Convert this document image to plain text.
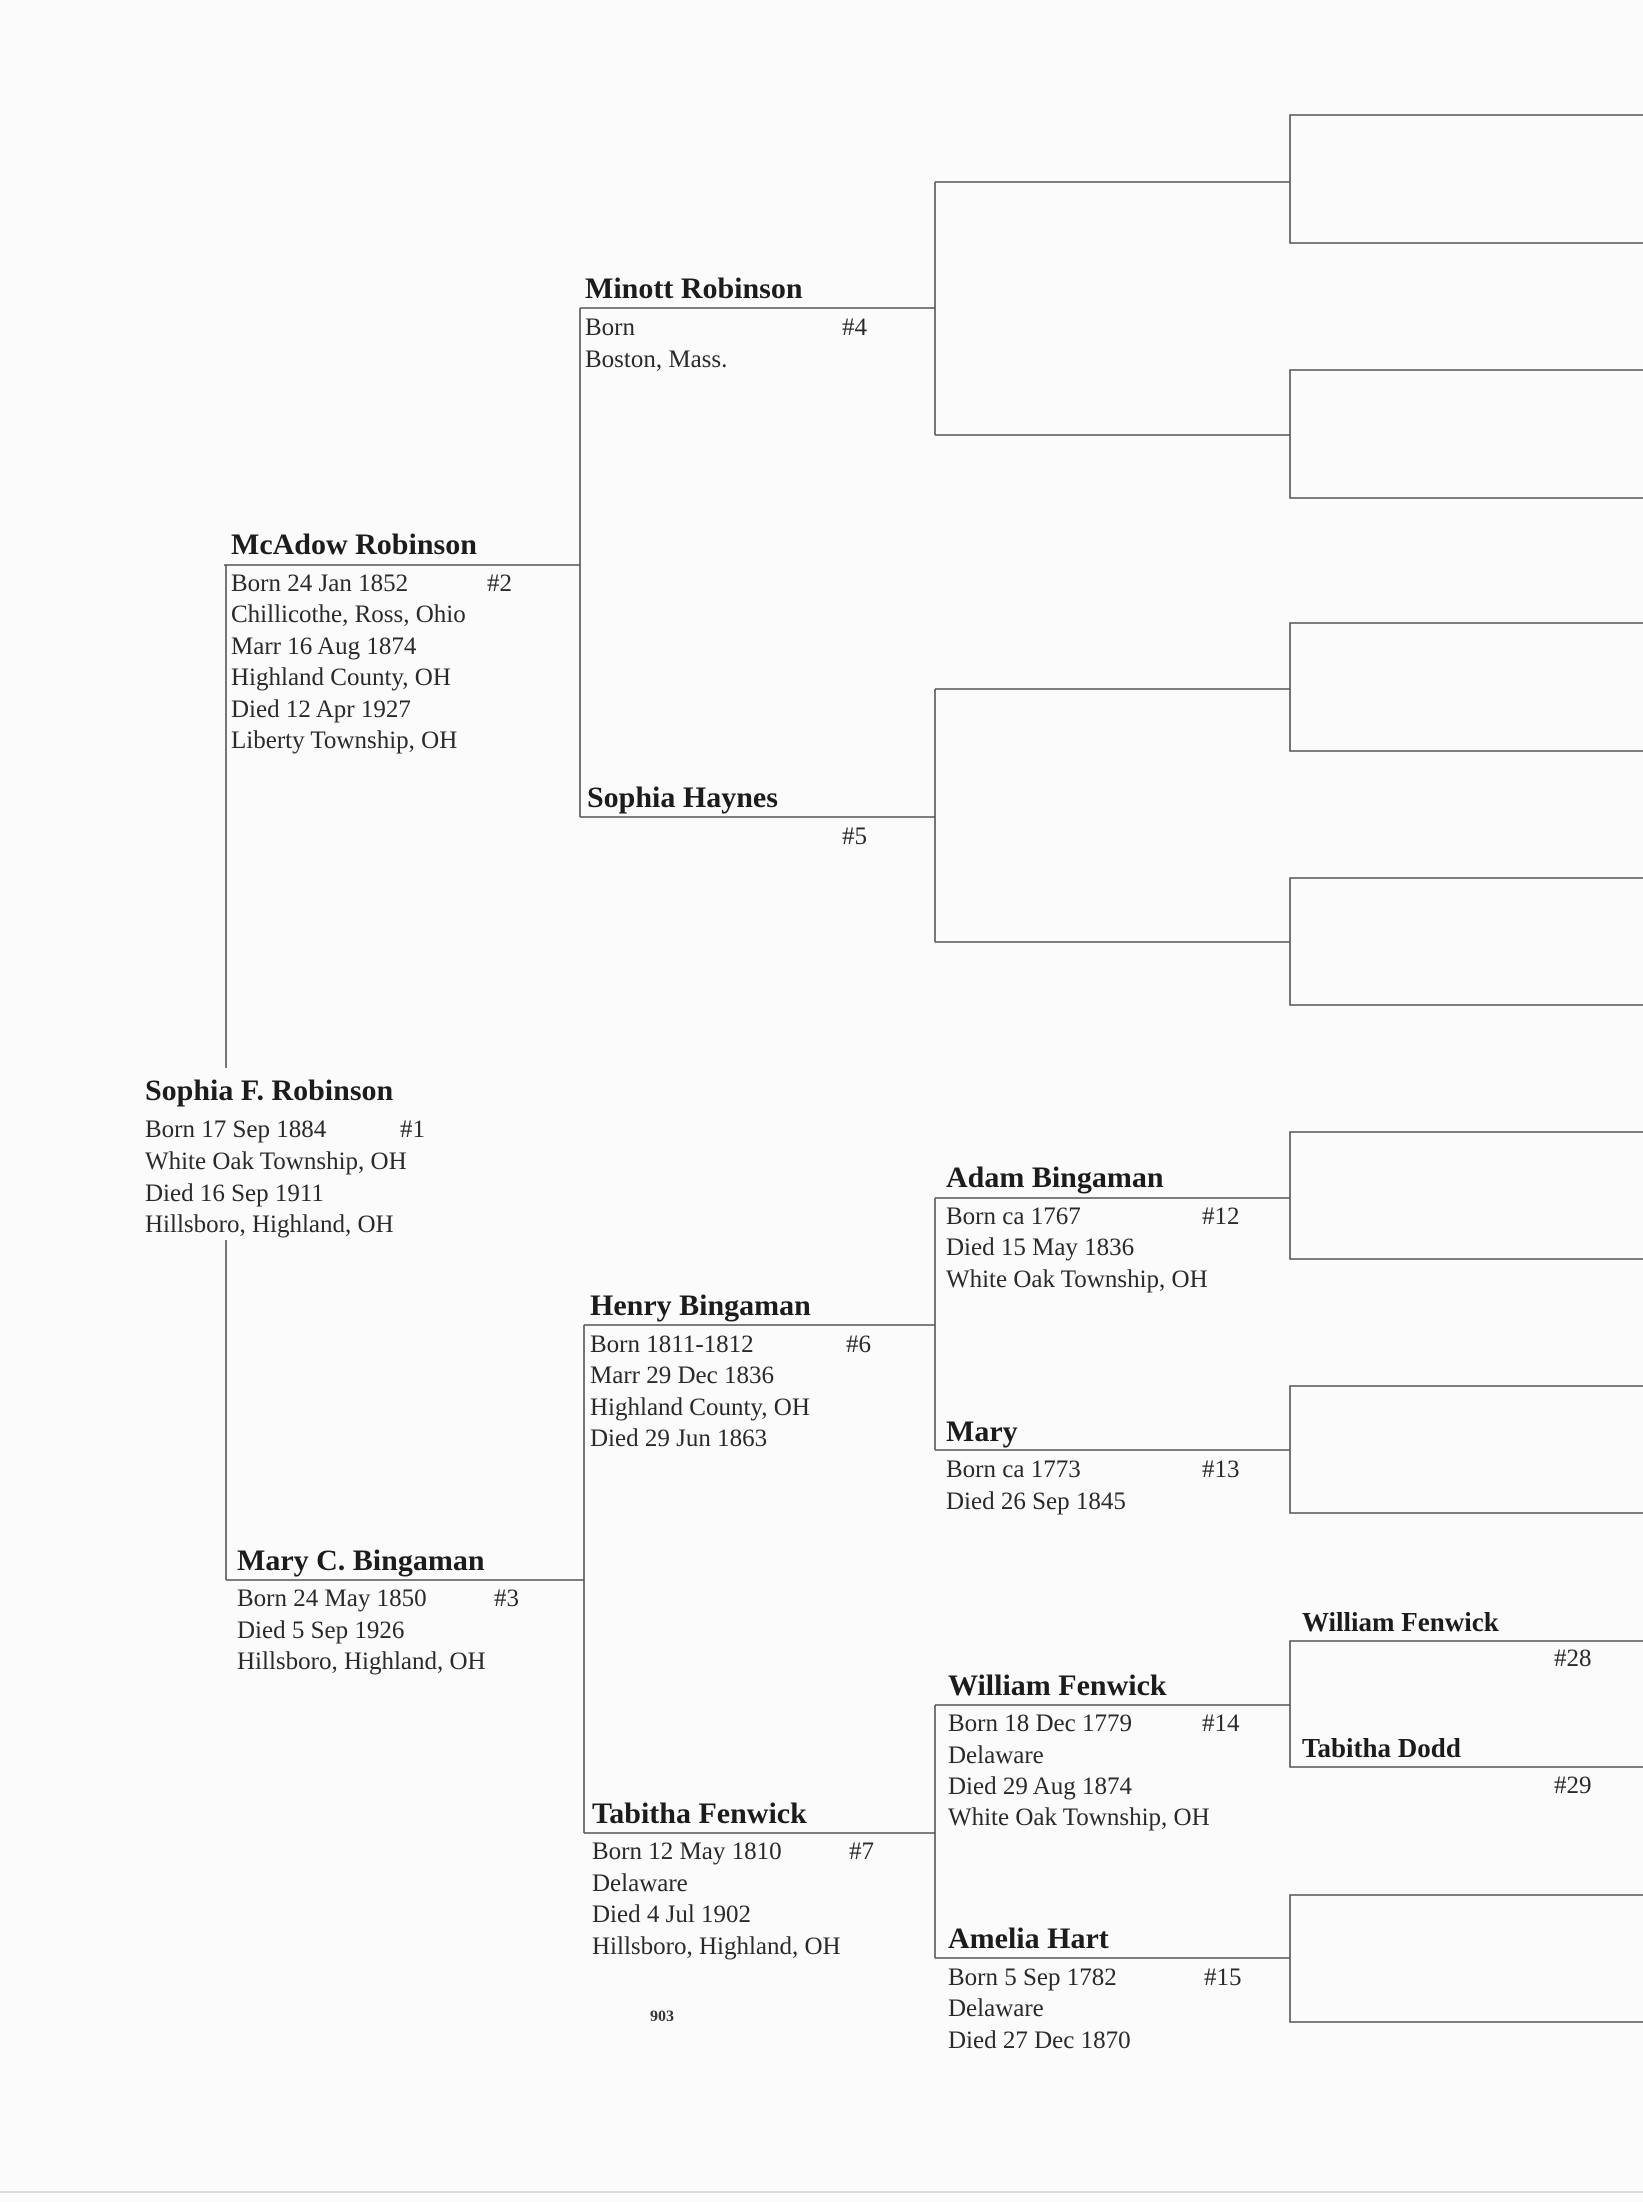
Sophia F. Robinson
#1
Born 17 Sep 1884
White Oak Township, OH
Died 16 Sep 1911
Hillsboro, Highland, OH
McAdow Robinson
#2
Born 24 Jan 1852
Chillicothe, Ross, Ohio
Marr 16 Aug 1874
Highland County, OH
Died 12 Apr 1927
Liberty Township, OH
Mary C. Bingaman
#3
Born 24 May 1850
Died 5 Sep 1926
Hillsboro, Highland, OH
Minott Robinson
#4
Born
Boston, Mass.
Sophia Haynes
#5
Henry Bingaman
#6
Born 1811-1812
Marr 29 Dec 1836
Highland County, OH
Died 29 Jun 1863
Tabitha Fenwick
#7
Born 12 May 1810
Delaware
Died 4 Jul 1902
Hillsboro, Highland, OH
Adam Bingaman
#12
Born ca 1767
Died 15 May 1836
White Oak Township, OH
Mary
#13
Born ca 1773
Died 26 Sep 1845
William Fenwick
#14
Born 18 Dec 1779
Delaware
Died 29 Aug 1874
White Oak Township, OH
Amelia Hart
#15
Born 5 Sep 1782
Delaware
Died 27 Dec 1870
William Fenwick
#28
Tabitha Dodd
#29
903
